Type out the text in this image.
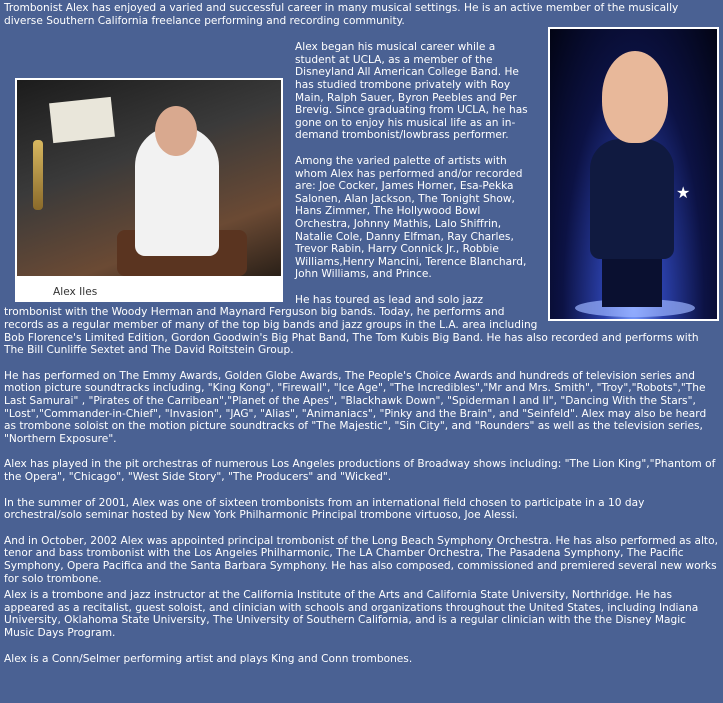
Trombonist Alex has enjoyed a varied and successful career in many musical settings. He is an active member of the musically diverse Southern California freelance performing and recording community.

★
Alex Iles

Alex began his musical career while a student at UCLA, as a member of the Disneyland All American College Band. He has studied trombone privately with Roy Main, Ralph Sauer, Byron Peebles and Per Brevig. Since graduating from UCLA, he has gone on to enjoy his musical life as an in-demand trombonist/lowbrass performer.

Among the varied palette of artists with whom Alex has performed and/or recorded are: Joe Cocker, James Horner, Esa-Pekka Salonen, Alan Jackson, The Tonight Show, Hans Zimmer, The Hollywood Bowl Orchestra, Johnny Mathis, Lalo Shiffrin, Natalie Cole, Danny Elfman, Ray Charles, Trevor Rabin, Harry Connick Jr., Robbie Williams,Henry Mancini, Terence Blanchard, John Williams, and Prince.

He has toured as lead and solo jazz trombonist with the Woody Herman and Maynard Ferguson big bands. Today, he performs and records as a regular member of many of the top big bands and jazz groups in the L.A. area including Bob Florence's Limited Edition, Gordon Goodwin's Big Phat Band, The Tom Kubis Big Band. He has also recorded and performs with The Bill Cunliffe Sextet and The David Roitstein Group.

He has performed on The Emmy Awards, Golden Globe Awards, The People's Choice Awards and hundreds of television series and motion picture soundtracks including, "King Kong", "Firewall", "Ice Age", "The Incredibles","Mr and Mrs. Smith", "Troy","Robots","The Last Samurai" , "Pirates of the Carribean","Planet of the Apes", "Blackhawk Down", "Spiderman I and II", "Dancing With the Stars", "Lost","Commander-in-Chief", "Invasion", "JAG", "Alias", "Animaniacs", "Pinky and the Brain", and "Seinfeld". Alex may also be heard as trombone soloist on the motion picture soundtracks of "The Majestic", "Sin City", and "Rounders" as well as the television series, "Northern Exposure".

Alex has played in the pit orchestras of numerous Los Angeles productions of Broadway shows including: "The Lion King","Phantom of the Opera", "Chicago", "West Side Story", "The Producers" and "Wicked".

In the summer of 2001, Alex was one of sixteen trombonists from an international field chosen to participate in a 10 day orchestral/solo seminar hosted by New York Philharmonic Principal trombone virtuoso, Joe Alessi.

And in October, 2002 Alex was appointed principal trombonist of the Long Beach Symphony Orchestra. He has also performed as alto, tenor and bass trombonist with the Los Angeles Philharmonic, The LA Chamber Orchestra, The Pasadena Symphony, The Pacific Symphony, Opera Pacifica and the Santa Barbara Symphony. He has also composed, commissioned and premiered several new works for solo trombone.

Alex is a trombone and jazz instructor at the California Institute of the Arts and California State University, Northridge. He has appeared as a recitalist, guest soloist, and clinician with schools and organizations throughout the United States, including Indiana University, Oklahoma State University, The University of Southern California, and is a regular clinician with the the Disney Magic Music Days Program.

Alex is a Conn/Selmer performing artist and plays King and Conn trombones.
